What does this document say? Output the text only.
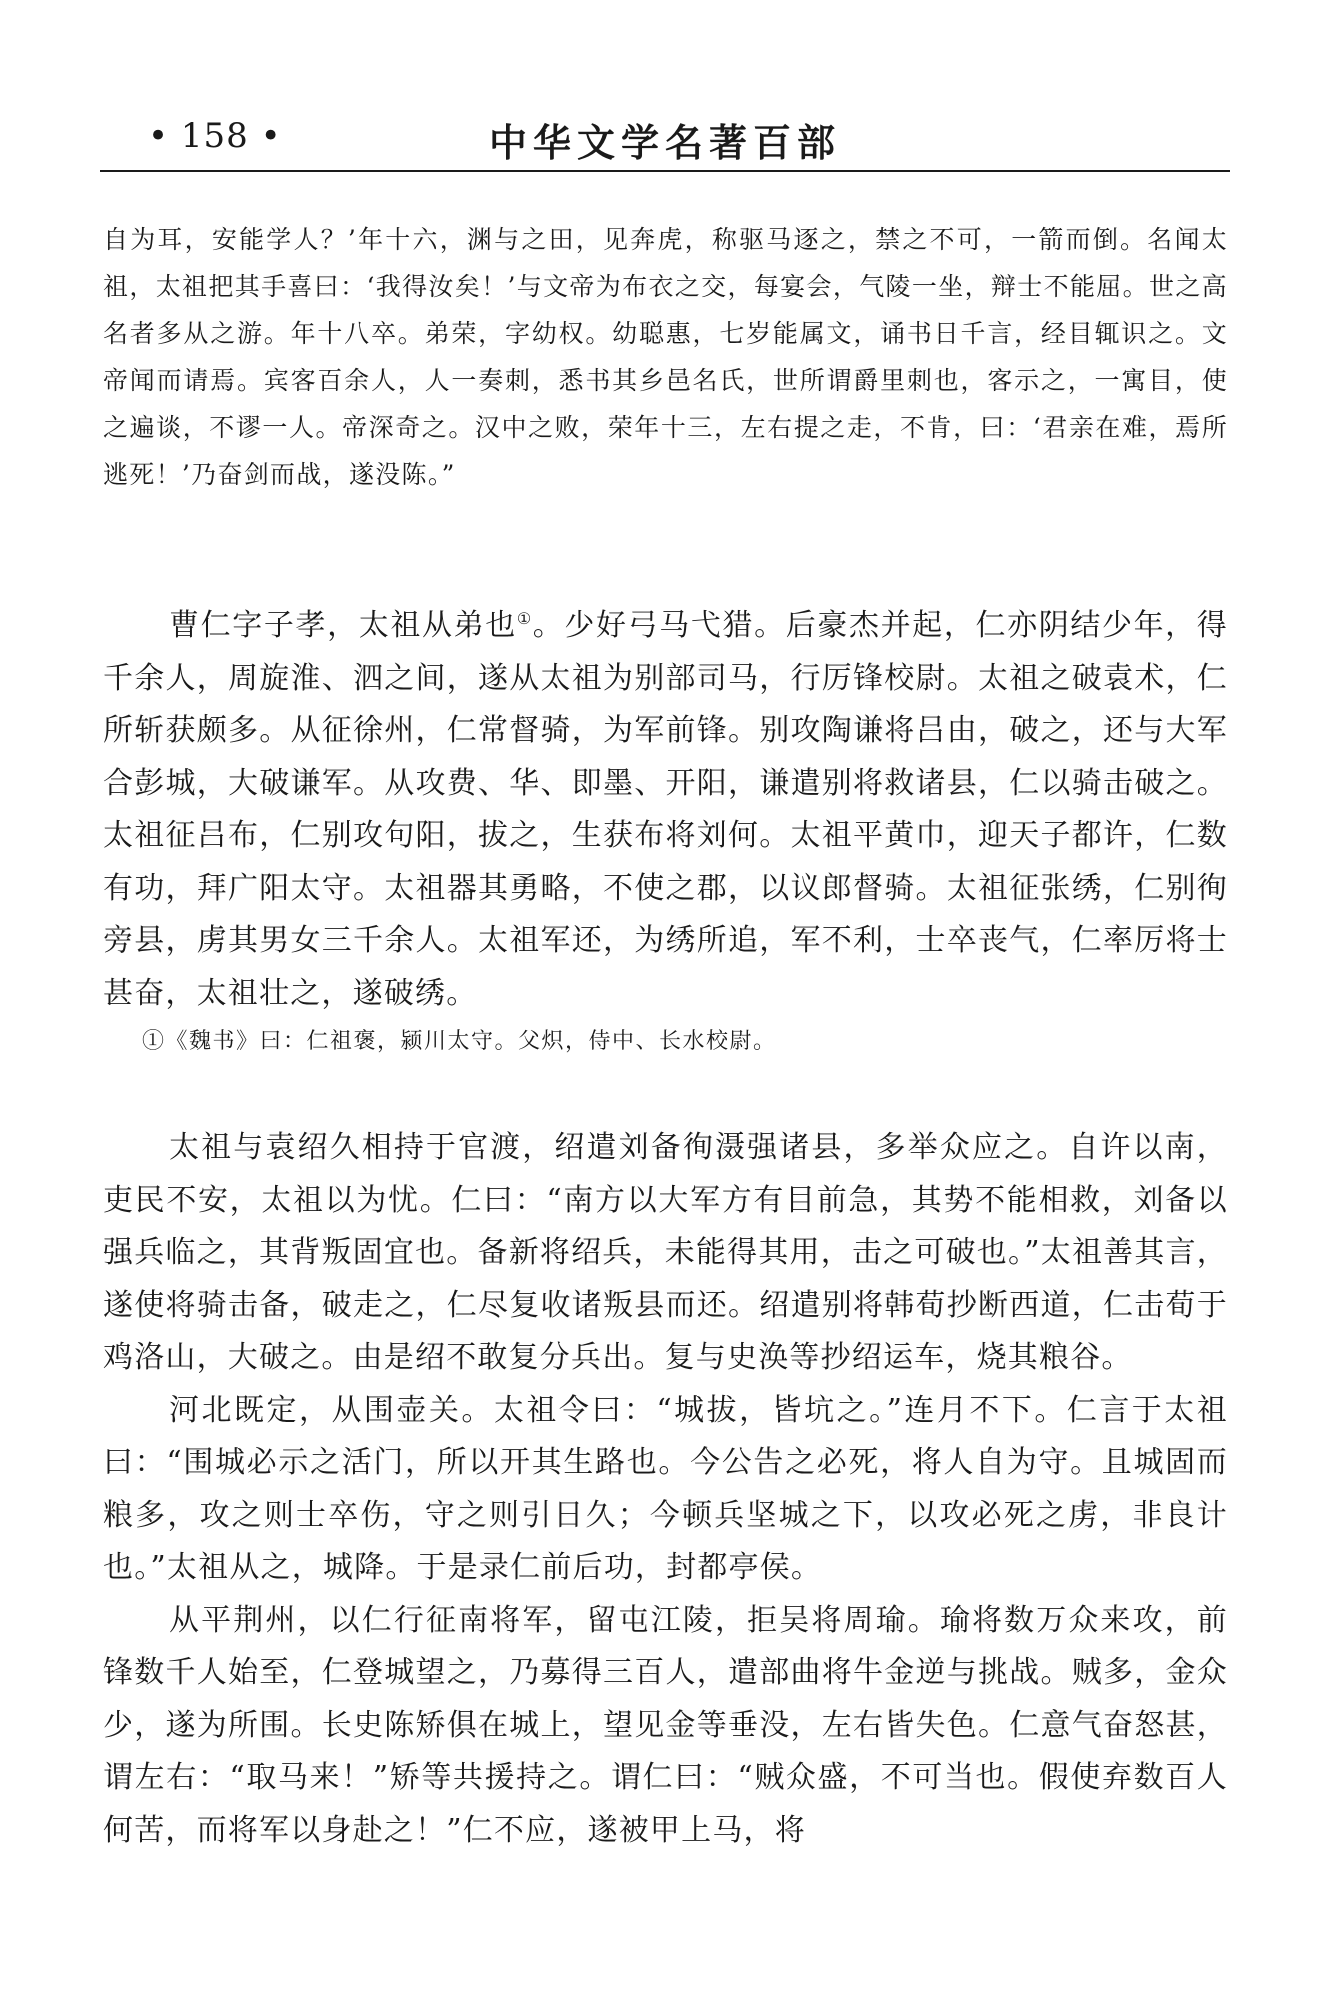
• 158 •	中华文学名著百部

自为耳，安能学人？’年十六，渊与之田，见奔虎，称驱马逐之，禁之不可，一箭而倒。名闻太祖，太祖把其手喜曰：‘我得汝矣！’与文帝为布衣之交，每宴会，气陵一坐，辩士不能屈。世之高名者多从之游。年十八卒。弟荣，字幼权。幼聪惠，七岁能属文，诵书日千言，经目辄识之。文帝闻而请焉。宾客百余人，人一奏刺，悉书其乡邑名氏，世所谓爵里刺也，客示之，一寓目，使之遍谈，不谬一人。帝深奇之。汉中之败，荣年十三，左右提之走，不肯，曰：‘君亲在难，焉所逃死！’乃奋剑而战，遂没陈。”

曹仁字子孝，太祖从弟也①。少好弓马弋猎。后豪杰并起，仁亦阴结少年，得千余人，周旋淮、泗之间，遂从太祖为别部司马，行厉锋校尉。太祖之破袁术，仁所斩获颇多。从征徐州，仁常督骑，为军前锋。别攻陶谦将吕由，破之，还与大军合彭城，大破谦军。从攻费、华、即墨、开阳，谦遣别将救诸县，仁以骑击破之。太祖征吕布，仁别攻句阳，拔之，生获布将刘何。太祖平黄巾，迎天子都许，仁数有功，拜广阳太守。太祖器其勇略，不使之郡，以议郎督骑。太祖征张绣，仁别徇旁县，虏其男女三千余人。太祖军还，为绣所追，军不利，士卒丧气，仁率厉将士甚奋，太祖壮之，遂破绣。

①《魏书》曰：仁祖褒，颍川太守。父炽，侍中、长水校尉。

太祖与袁绍久相持于官渡，绍遣刘备徇滠强诸县，多举众应之。自许以南，吏民不安，太祖以为忧。仁曰：“南方以大军方有目前急，其势不能相救，刘备以强兵临之，其背叛固宜也。备新将绍兵，未能得其用，击之可破也。”太祖善其言，遂使将骑击备，破走之，仁尽复收诸叛县而还。绍遣别将韩荀抄断西道，仁击荀于鸡洛山，大破之。由是绍不敢复分兵出。复与史涣等抄绍运车，烧其粮谷。

河北既定，从围壶关。太祖令曰：“城拔，皆坑之。”连月不下。仁言于太祖曰：“围城必示之活门，所以开其生路也。今公告之必死，将人自为守。且城固而粮多，攻之则士卒伤，守之则引日久；今顿兵坚城之下，以攻必死之虏，非良计也。”太祖从之，城降。于是录仁前后功，封都亭侯。

从平荆州，以仁行征南将军，留屯江陵，拒吴将周瑜。瑜将数万众来攻，前锋数千人始至，仁登城望之，乃募得三百人，遣部曲将牛金逆与挑战。贼多，金众少，遂为所围。长史陈矫俱在城上，望见金等垂没，左右皆失色。仁意气奋怒甚，谓左右：“取马来！”矫等共援持之。谓仁曰：“贼众盛，不可当也。假使弃数百人何苦，而将军以身赴之！”仁不应，遂被甲上马，将
